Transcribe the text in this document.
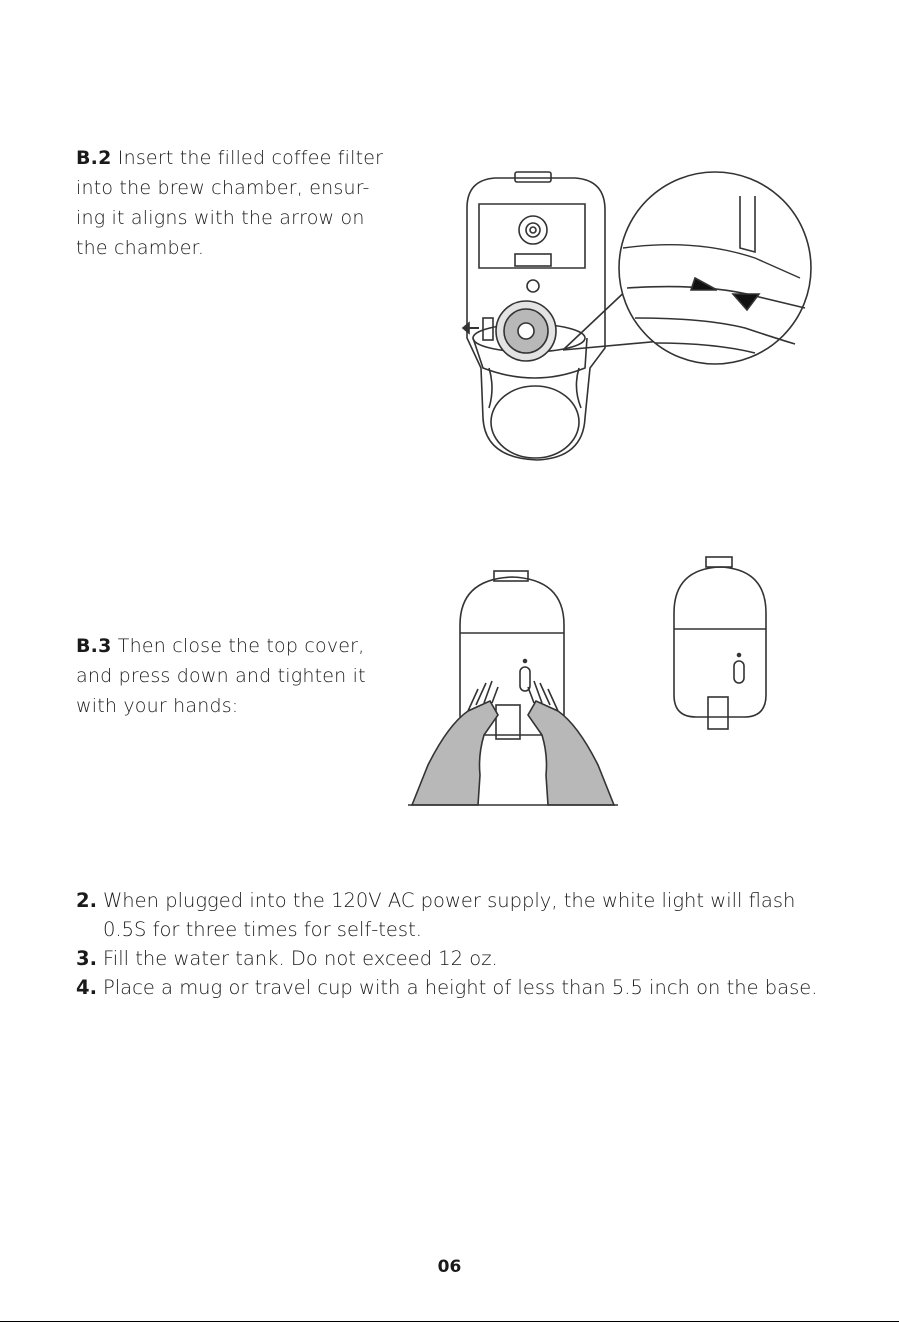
B.2 Insert the filled coffee filter into the brew chamber, ensur-ing it aligns with the arrow on the chamber.
B.3 Then close the top cover, and press down and tighten it with your hands:
2. When plugged into the 120V AC power supply, the white light will flash 0.5S for three times for self-test.
3. Fill the water tank. Do not exceed 12 oz.
4. Place a mug or travel cup with a height of less than 5.5 inch on the base.
06
